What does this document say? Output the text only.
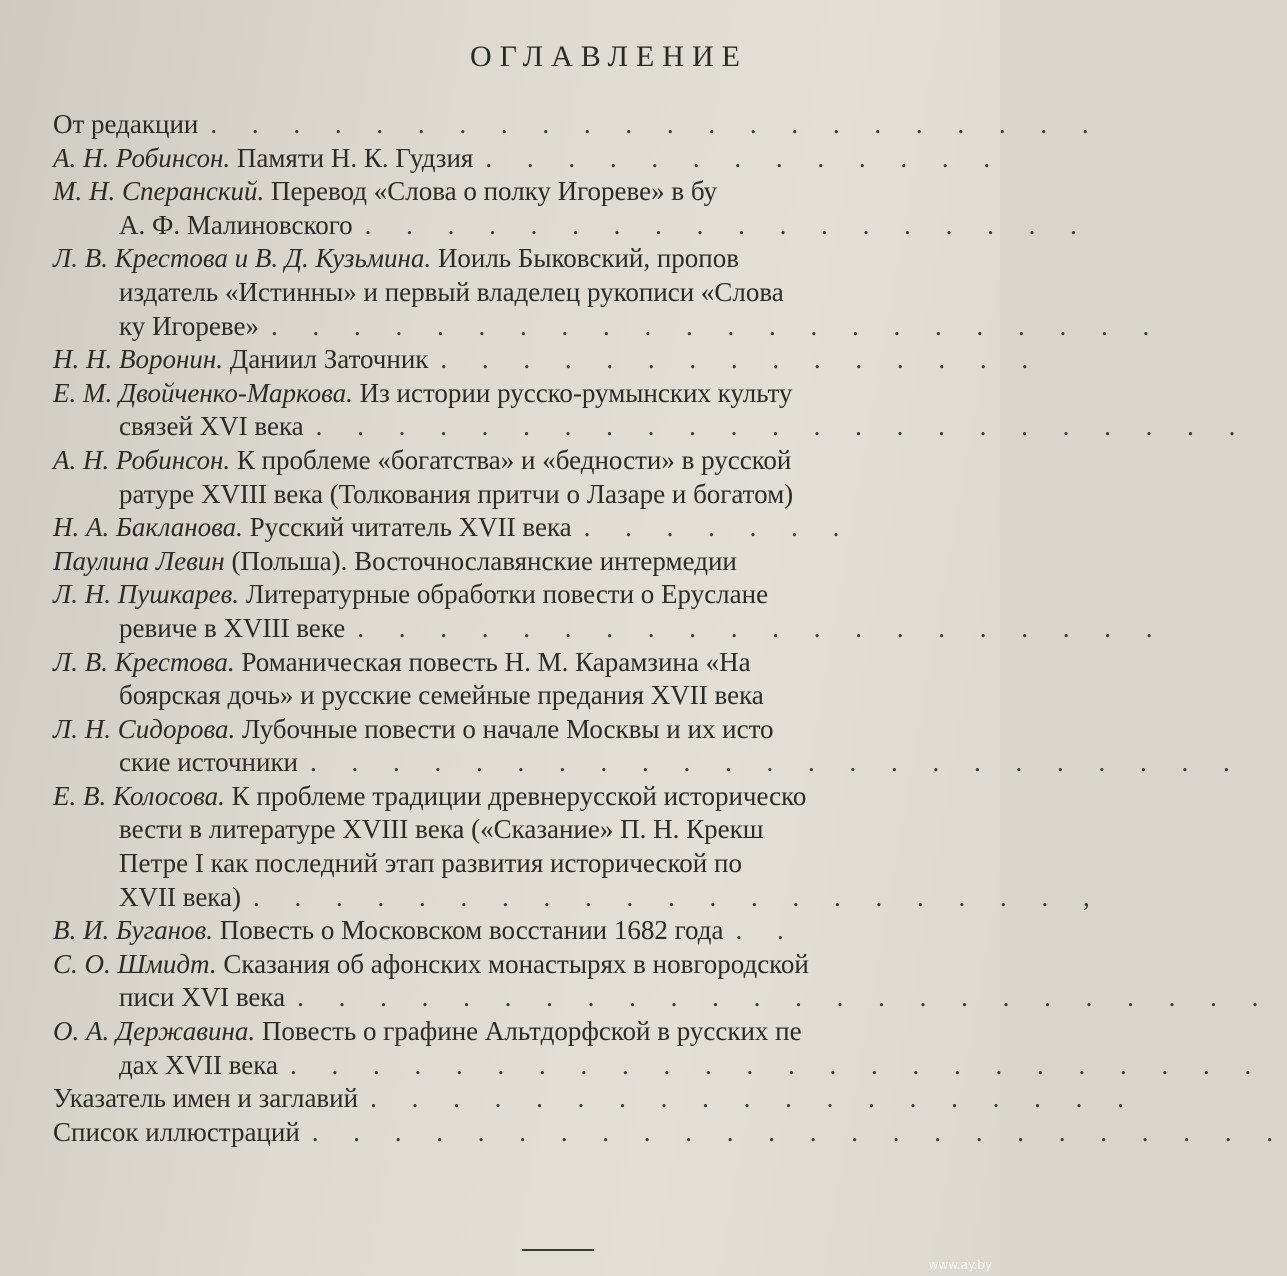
ОГЛАВЛЕНИЕ
От редакции . . . . . . . . . . . . . . . . . . . . . .
А. Н. Робинсон. Памяти Н. К. Гудзия . . . . . . . . . . . . .
М. Н. Сперанский. Перевод «Слова о полку Игореве» в бу
А. Ф. Малиновского . . . . . . . . . . . . . . . . . .
Л. В. Крестова и В. Д. Кузьмина. Иоиль Быковский, пропов
издатель «Истинны» и первый владелец рукописи «Слова
ку Игореве» . . . . . . . . . . . . . . . . . . . . . .
Н. Н. Воронин. Даниил Заточник . . . . . . . . . . . . . . .
Е. М. Двойченко-Маркова. Из истории русско-румынских культу
связей XVI века . . . . . . . . . . . . . . . . . . . . . . .
А. Н. Робинсон. К проблеме «богатства» и «бедности» в русской
ратуре XVIII века (Толкования притчи о Лазаре и богатом)
Н. А. Бакланова. Русский читатель XVII века . . . . . . .
Паулина Левин (Польша). Восточнославянские интермедии
Л. Н. Пушкарев. Литературные обработки повести о Еруслане
ревиче в XVIII веке . . . . . . . . . . . . . . . . . . . .
Л. В. Крестова. Романическая повесть Н. М. Карамзина «На
боярская дочь» и русские семейные предания XVII века
Л. Н. Сидорова. Лубочные повести о начале Москвы и их исто
ские источники . . . . . . . . . . . . . . . . . . . . . . .
Е. В. Колосова. К проблеме традиции древнерусской историческо
вести в литературе XVIII века («Сказание» П. Н. Крекш
Петре I как последний этап развития исторической по
XVII века) . . . . . . . . . . . . . . . . . . . . ,
В. И. Буганов. Повесть о Московском восстании 1682 года . .
С. О. Шмидт. Сказания об афонских монастырях в новгородской
писи XVI века . . . . . . . . . . . . . . . . . . . . . . . .
О. А. Державина. Повесть о графине Альтдорфской в русских пе
дах XVII века . . . . . . . . . . . . . . . . . . . . . . . .
Указатель имен и заглавий . . . . . . . . . . . . . . . . . . .
Список иллюстраций . . . . . . . . . . . . . . . . . . . . . . . .
www.ay.by
